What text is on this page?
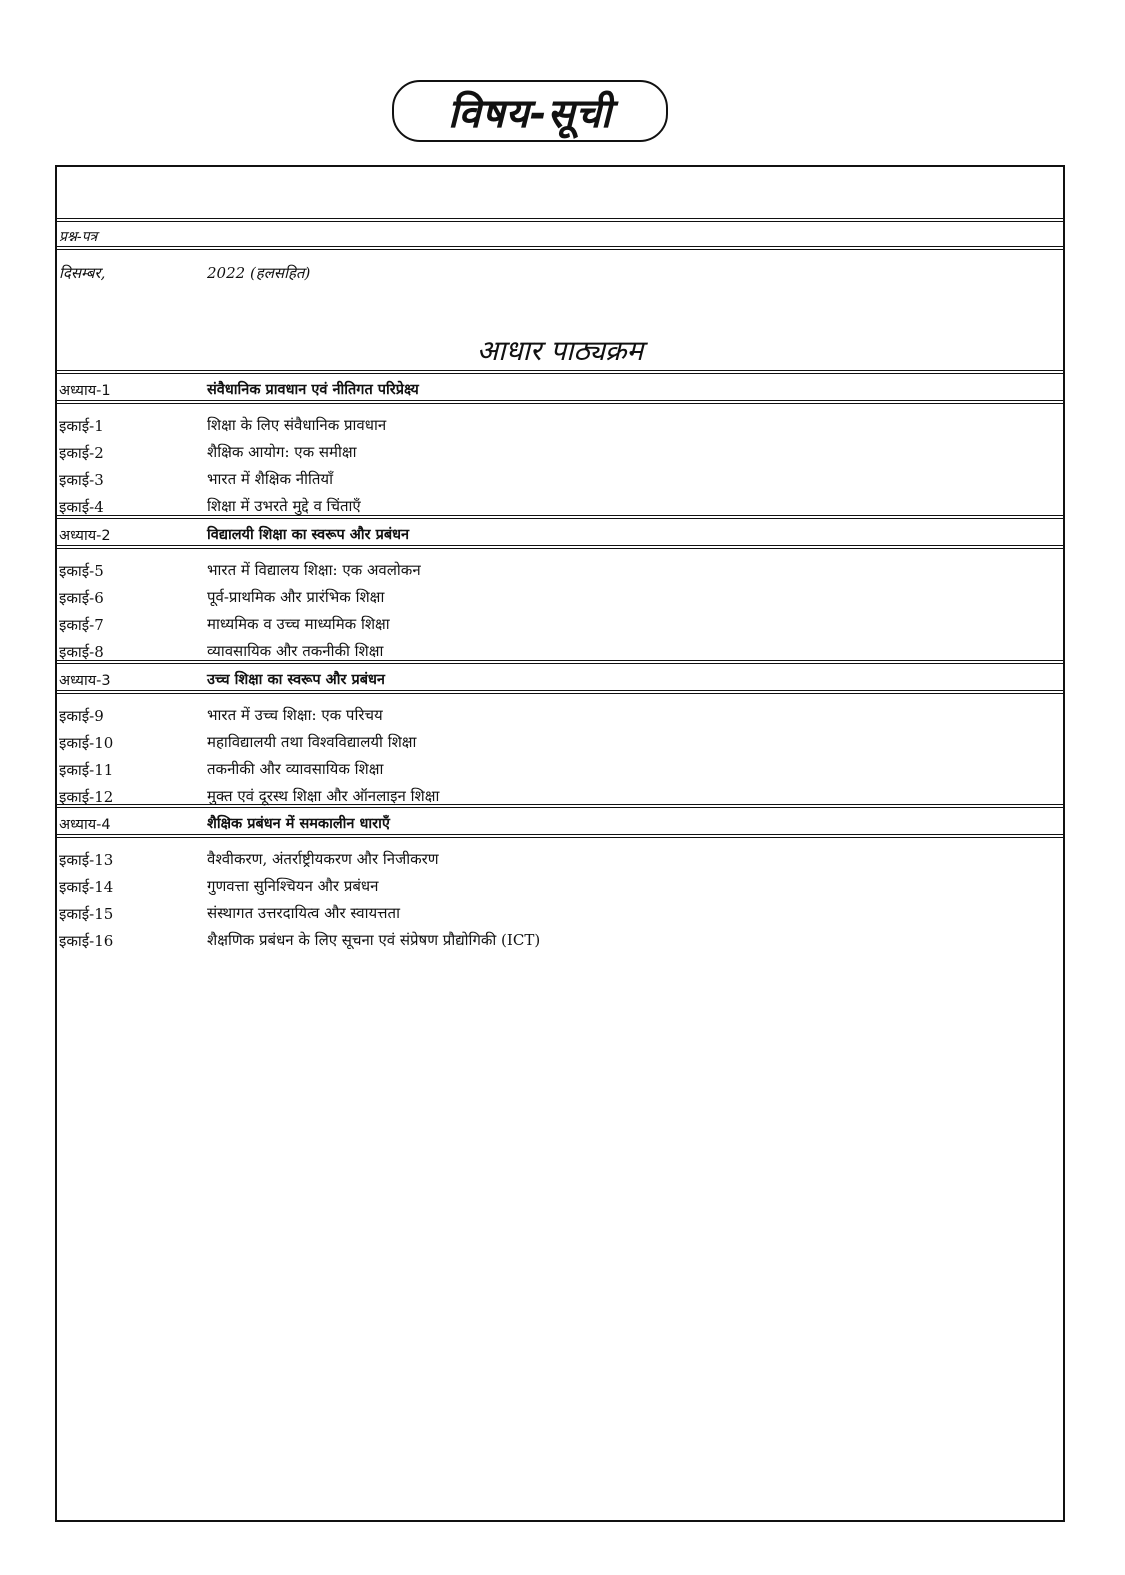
विषय-सूची
प्रश्न-पत्र
दिसम्बर,	2022 (हलसहित)
आधार पाठ्यक्रम
अध्याय-1	संवैधानिक प्रावधान एवं नीतिगत परिप्रेक्ष्य
इकाई-1	शिक्षा के लिए संवैधानिक प्रावधान
इकाई-2	शैक्षिक आयोग: एक समीक्षा
इकाई-3	भारत में शैक्षिक नीतियाँ
इकाई-4	शिक्षा में उभरते मुद्दे व चिंताएँ
अध्याय-2	विद्यालयी शिक्षा का स्वरूप और प्रबंधन
इकाई-5	भारत में विद्यालय शिक्षा: एक अवलोकन
इकाई-6	पूर्व-प्राथमिक और प्रारंभिक शिक्षा
इकाई-7	माध्यमिक व उच्च माध्यमिक शिक्षा
इकाई-8	व्यावसायिक और तकनीकी शिक्षा
अध्याय-3	उच्च शिक्षा का स्वरूप और प्रबंधन
इकाई-9	भारत में उच्च शिक्षा: एक परिचय
इकाई-10	महाविद्यालयी तथा विश्वविद्यालयी शिक्षा
इकाई-11	तकनीकी और व्यावसायिक शिक्षा
इकाई-12	मुक्त एवं दूरस्थ शिक्षा और ऑनलाइन शिक्षा
अध्याय-4	शैक्षिक प्रबंधन में समकालीन धाराएँ
इकाई-13	वैश्वीकरण, अंतर्राष्ट्रीयकरण और निजीकरण
इकाई-14	गुणवत्ता सुनिश्चियन और प्रबंधन
इकाई-15	संस्थागत उत्तरदायित्व और स्वायत्तता
इकाई-16	शैक्षणिक प्रबंधन के लिए सूचना एवं संप्रेषण प्रौद्योगिकी (ICT)
